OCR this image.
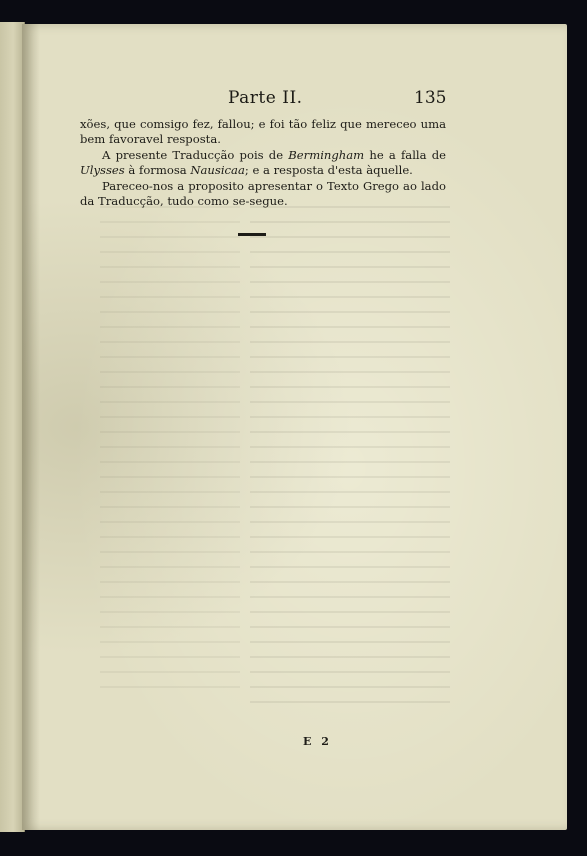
Parte II.	135
xões, que comsigo fez, fallou; e foi tão feliz que mereceo uma
bem favoravel resposta.
A presente Traducção pois de Bermingham he a falla de
Ulysses à formosa Nausicaa; e a resposta d'esta àquelle.
Pareceo-nos a proposito apresentar o Texto Grego ao lado
da Traducção, tudo como se-segue.
E 2
